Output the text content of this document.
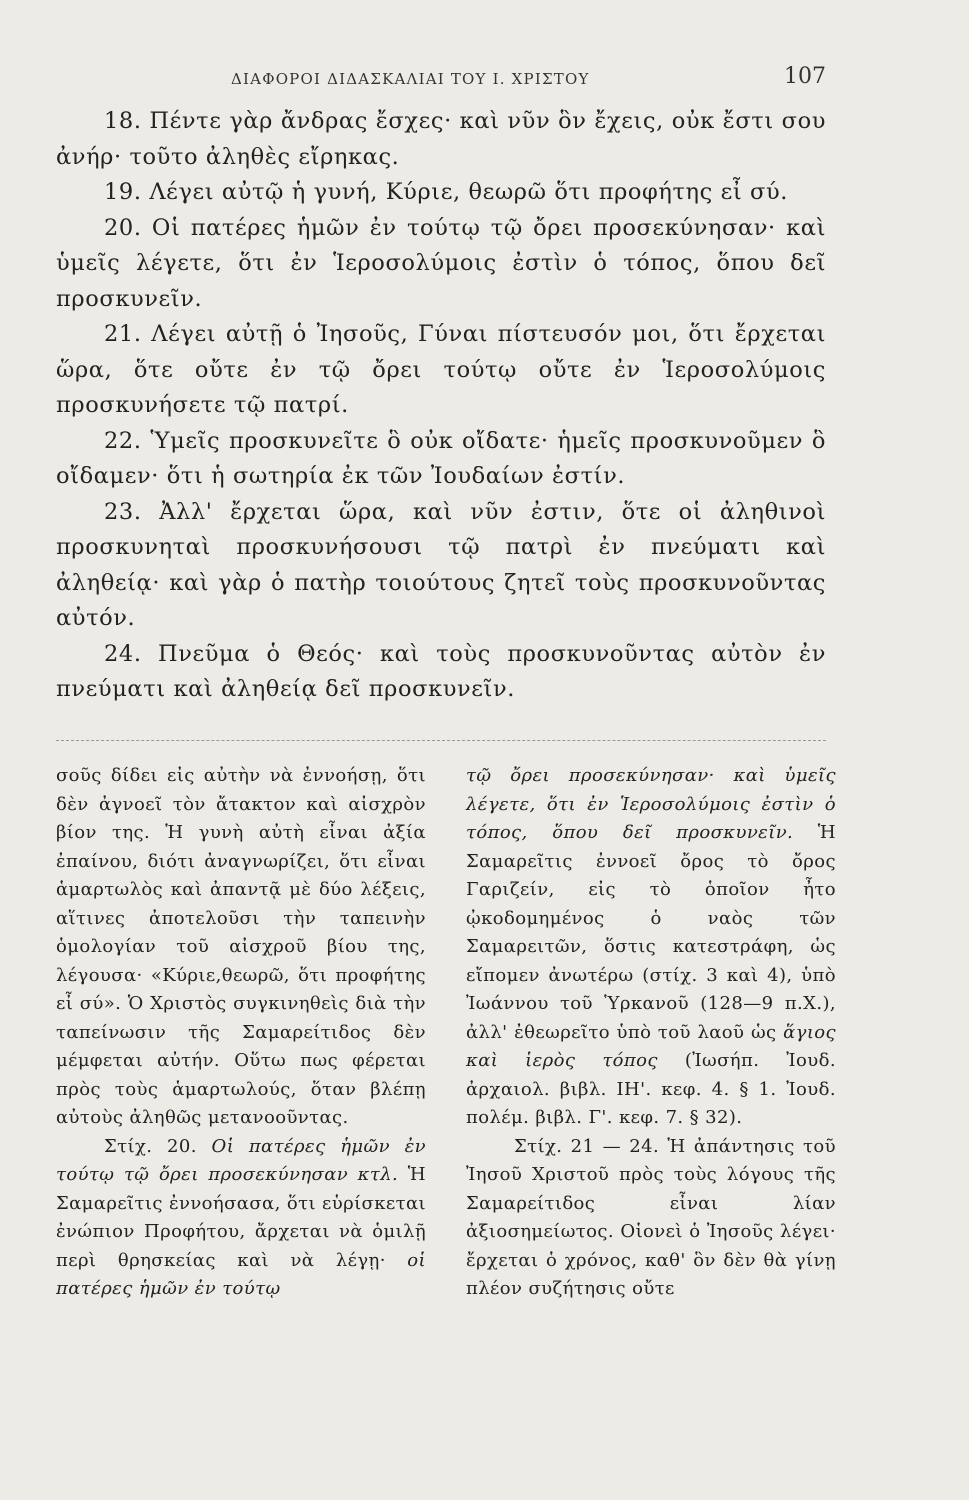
ΔΙΑΦΟΡΟΙ ΔΙΔΑΣΚΑΛΙΑΙ ΤΟΥ Ι. ΧΡΙΣΤΟΥ	107

18. Πέντε γὰρ ἄνδρας ἔσχες· καὶ νῦν ὃν ἔχεις, οὐκ ἔστι σου ἀνήρ· τοῦτο ἀληθὲς εἴρηκας.

19. Λέγει αὐτῷ ἡ γυνή, Κύριε, θεωρῶ ὅτι προφήτης εἶ σύ.

20. Οἱ πατέρες ἡμῶν ἐν τούτῳ τῷ ὄρει προσεκύνησαν· καὶ ὑμεῖς λέγετε, ὅτι ἐν Ἱεροσολύμοις ἐστὶν ὁ τόπος, ὅπου δεῖ προσκυνεῖν.

21. Λέγει αὐτῇ ὁ Ἰησοῦς, Γύναι πίστευσόν μοι, ὅτι ἔρχεται ὥρα, ὅτε οὔτε ἐν τῷ ὄρει τούτῳ οὔτε ἐν Ἱεροσολύμοις προσκυνήσετε τῷ πατρί.

22. Ὑμεῖς προσκυνεῖτε ὃ οὐκ οἴδατε· ἡμεῖς προσκυνοῦμεν ὃ οἴδαμεν· ὅτι ἡ σωτηρία ἐκ τῶν Ἰουδαίων ἐστίν.

23. Ἀλλ' ἔρχεται ὥρα, καὶ νῦν ἐστιν, ὅτε οἱ ἀληθινοὶ προσκυνηταὶ προσκυνήσουσι τῷ πατρὶ ἐν πνεύματι καὶ ἀληθείᾳ· καὶ γὰρ ὁ πατὴρ τοιούτους ζητεῖ τοὺς προσκυνοῦντας αὐτόν.

24. Πνεῦμα ὁ Θεός· καὶ τοὺς προσκυνοῦντας αὐτὸν ἐν πνεύματι καὶ ἀληθείᾳ δεῖ προσκυνεῖν.

σοῦς δίδει εἰς αὐτὴν νὰ ἐννοήσῃ, ὅτι δὲν ἀγνοεῖ τὸν ἄτακτον καὶ αἰσχρὸν βίον της. Ἡ γυνὴ αὐτὴ εἶναι ἀξία ἐπαίνου, διότι ἀναγνωρίζει, ὅτι εἶναι ἁμαρτωλὸς καὶ ἀπαντᾷ μὲ δύο λέξεις, αἵτινες ἀποτελοῦσι τὴν ταπεινὴν ὁμολογίαν τοῦ αἰσχροῦ βίου της, λέγουσα· «Κύριε,θεωρῶ, ὅτι προφήτης εἶ σύ». Ὁ Χριστὸς συγκινηθεὶς διὰ τὴν ταπείνωσιν τῆς Σαμαρείτιδος δὲν μέμφεται αὐτήν. Οὕτω πως φέρεται πρὸς τοὺς ἁμαρτωλούς, ὅταν βλέπῃ αὐτοὺς ἀληθῶς μετανοοῦντας.

Στίχ. 20. Οἱ πατέρες ἡμῶν ἐν τούτῳ τῷ ὄρει προσεκύνησαν κτλ. Ἡ Σαμαρεῖτις ἐννοήσασα, ὅτι εὑρίσκεται ἐνώπιον Προφήτου, ἄρχεται νὰ ὁμιλῇ περὶ θρησκείας καὶ νὰ λέγῃ· οἱ πατέρες ἡμῶν ἐν τούτῳ

τῷ ὄρει προσεκύνησαν· καὶ ὑμεῖς λέγετε, ὅτι ἐν Ἱεροσολύμοις ἐστὶν ὁ τόπος, ὅπου δεῖ προσκυνεῖν. Ἡ Σαμαρεῖτις ἐννοεῖ ὄρος τὸ ὄρος Γαριζείν, εἰς τὸ ὁποῖον ἦτο ᾠκοδομημένος ὁ ναὸς τῶν Σαμαρειτῶν, ὅστις κατεστράφη, ὡς εἴπομεν ἀνωτέρω (στίχ. 3 καὶ 4), ὑπὸ Ἰωάννου τοῦ Ὑρκανοῦ (128—9 π.Χ.), ἀλλ' ἐθεωρεῖτο ὑπὸ τοῦ λαοῦ ὡς ἅγιος καὶ ἱερὸς τόπος (Ἰωσήπ. Ἰουδ. ἀρχαιολ. βιβλ. ΙΗ'. κεφ. 4. § 1. Ἰουδ. πολέμ. βιβλ. Γ'. κεφ. 7. § 32).

Στίχ. 21 — 24. Ἡ ἀπάντησις τοῦ Ἰησοῦ Χριστοῦ πρὸς τοὺς λόγους τῆς Σαμαρείτιδος εἶναι λίαν ἀξιοσημείωτος. Οἱονεὶ ὁ Ἰησοῦς λέγει· ἔρχεται ὁ χρόνος, καθ' ὃν δὲν θὰ γίνῃ πλέον συζήτησις οὔτε
